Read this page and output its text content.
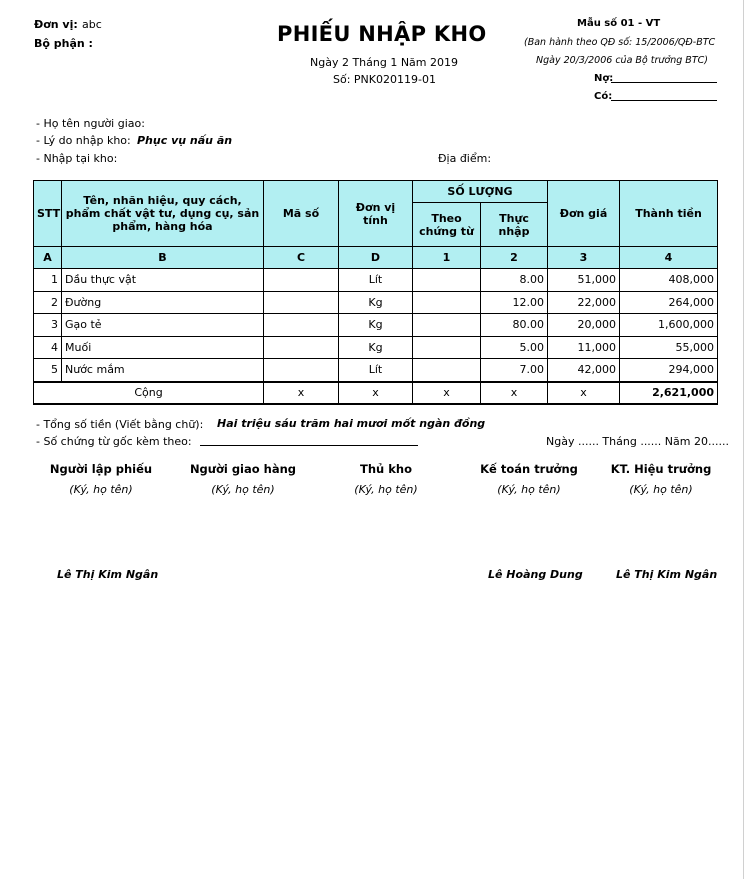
Đơn vị: abc
Bộ phận :	PHIẾU NHẬP KHO
Ngày 2 Tháng 1 Năm 2019
Số: PNK020119-01
Mẫu số 01 - VT
(Ban hành theo QĐ số: 15/2006/QĐ-BTC
Ngày 20/3/2006 của Bộ trưởng BTC)
Nợ:
Có:
- Họ tên người giao:
- Lý do nhập kho: Phục vụ nấu ăn
- Nhập tại kho:	Địa điểm:
STT	Tên, nhãn hiệu, quy cách, phẩm chất vật tư, dụng cụ, sản phẩm, hàng hóa	Mã số	Đơn vị tính	SỐ LƯỢNG		Đơn giá	Thành tiền
				Theo chứng từ	Thực nhập		
A	B	C	D	1	2	3	4
1	Dầu thực vật		Lít		8.00	51,000	408,000
2	Đường		Kg		12.00	22,000	264,000
3	Gạo tẻ		Kg		80.00	20,000	1,600,000
4	Muối		Kg		5.00	11,000	55,000
5	Nước mắm		Lít		7.00	42,000	294,000
Cộng		x	x	x	x	x	2,621,000
- Tổng số tiền (Viết bằng chữ): Hai triệu sáu trăm hai mươi mốt ngàn đồng
- Số chứng từ gốc kèm theo:	Ngày ...... Tháng ...... Năm 20......
Người lập phiếu
(Ký, họ tên)
Người giao hàng
(Ký, họ tên)
Thủ kho
(Ký, họ tên)
Kế toán trưởng
(Ký, họ tên)
KT. Hiệu trưởng
(Ký, họ tên)
Lê Thị Kim Ngân	Lê Hoàng Dung	Lê Thị Kim Ngân
